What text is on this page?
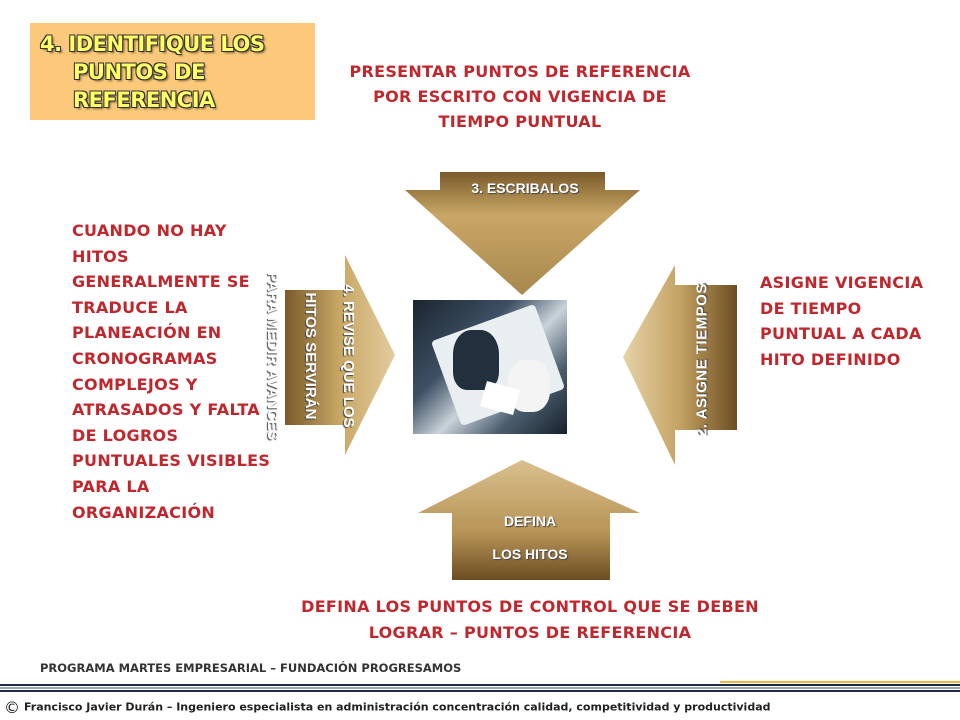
4. IDENTIFIQUE LOS
PUNTOS DE
REFERENCIA
PRESENTAR PUNTOS DE REFERENCIA POR ESCRITO CON VIGENCIA DE TIEMPO PUNTUAL
CUANDO NO HAY HITOS GENERALMENTE SE TRADUCE LA PLANEACIÓN EN CRONOGRAMAS COMPLEJOS Y ATRASADOS Y FALTA DE LOGROS PUNTUALES VISIBLES PARA LA ORGANIZACIÓN
ASIGNE VIGENCIA DE TIEMPO PUNTUAL A CADA HITO DEFINIDO
DEFINA LOS PUNTOS DE CONTROL QUE SE DEBEN LOGRAR – PUNTOS DE REFERENCIA
3. ESCRIBALOS
DEFINA
LOS HITOS
2. ASIGNE TIEMPOS
4. REVISE QUE LOS
HITOS SERVIRÁN
PARA MEDIR AVANCES
PROGRAMA MARTES EMPRESARIAL – FUNDACIÓN PROGRESAMOS
© Francisco Javier Durán – Ingeniero especialista en administración concentración calidad, competitividad y productividad
